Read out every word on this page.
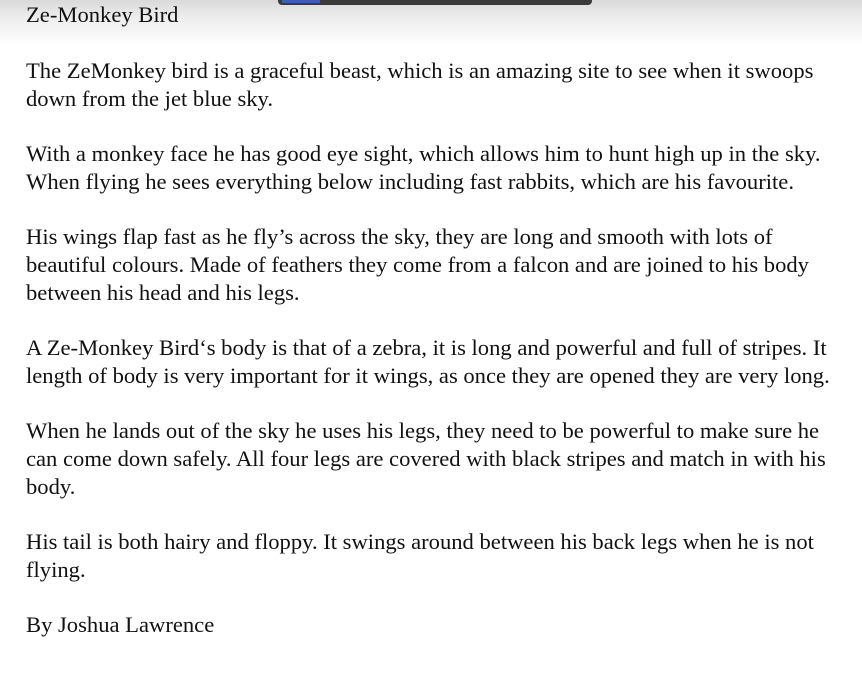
Ze-Monkey Bird

The ZeMonkey bird is a graceful beast, which is an amazing site to see when it swoops down from the jet blue sky.

With a monkey face he has good eye sight, which allows him to hunt high up in the sky. When flying he sees everything below including fast rabbits, which are his favourite.

His wings flap fast as he fly’s across the sky, they are long and smooth with lots of beautiful colours. Made of feathers they come from a falcon and are joined to his body between his head and his legs.

A Ze-Monkey Bird‘s body is that of a zebra, it is long and powerful and full of stripes. It length of body is very important for it wings, as once they are opened they are very long.

When he lands out of the sky he uses his legs, they need to be powerful to make sure he can come down safely. All four legs are covered with black stripes and match in with his body.

His tail is both hairy and floppy. It swings around between his back legs when he is not flying.

By Joshua Lawrence
